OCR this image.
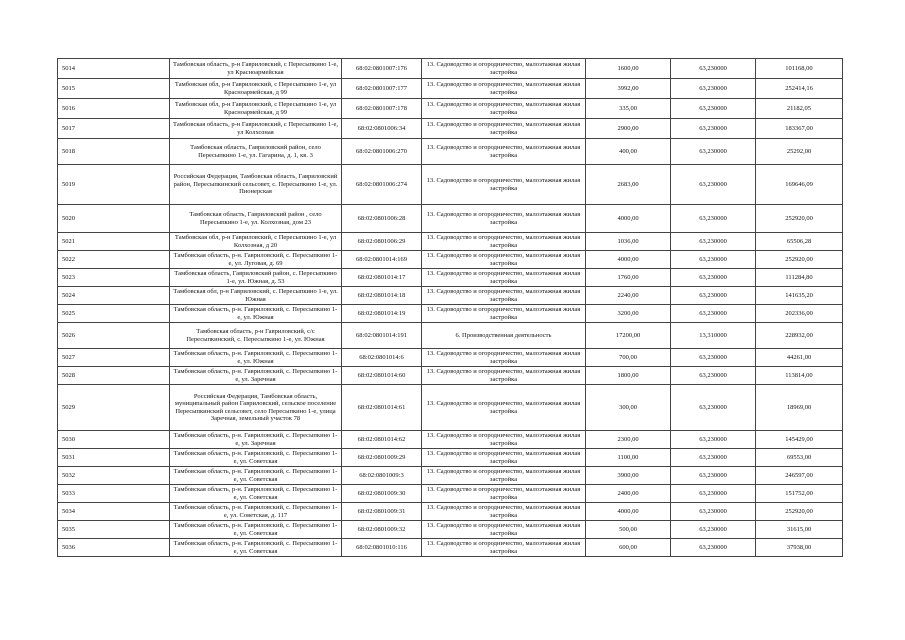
5014	Тамбовская область, р-н Гавриловский, с Пересыпкино 1-е, ул Красноармейская	68:02:0801007:176	13. Садоводство и огородничество, малоэтажная жилая застройка	1600,00	63,230000	101168,00
5015	Тамбовская обл, р-н Гавриловский, с Пересыпкино 1-е, ул Красноармейская, д 99	68:02:0801007:177	13. Садоводство и огородничество, малоэтажная жилая застройка	3992,00	63,230000	252414,16
5016	Тамбовская обл, р-н Гавриловский, с Пересыпкино 1-е, ул Красноармейская, д 99	68:02:0801007:178	13. Садоводство и огородничество, малоэтажная жилая застройка	335,00	63,230000	21182,05
5017	Тамбовская область, р-н Гавриловский, с Пересыпкино 1-е, ул Колхозная	68:02:0801006:34	13. Садоводство и огородничество, малоэтажная жилая застройка	2900,00	63,230000	183367,00
5018	Тамбовская область, Гавриловский район, село Пересыпкино 1-е, ул. Гагарина, д. 1, кв. 3	68:02:0801006:270	13. Садоводство и огородничество, малоэтажная жилая застройка	400,00	63,230000	25292,00
5019	Российская Федерация, Тамбовская область, Гавриловский район, Пересыпкинский сельсовет, с. Пересыпкино 1-е, ул. Пионерская	68:02:0801006:274	13. Садоводство и огородничество, малоэтажная жилая застройка	2683,00	63,230000	169646,09
5020	Тамбовская область, Гавриловский район , село Пересыпкино 1-е, ул. Колхозная, дом 23	68:02:0801006:28	13. Садоводство и огородничество, малоэтажная жилая застройка	4000,00	63,230000	252920,00
5021	Тамбовская обл, р-н Гавриловский, с Пересыпкино 1-е, ул Колхозная, д 20	68:02:0801006:29	13. Садоводство и огородничество, малоэтажная жилая застройка	1036,00	63,230000	65506,28
5022	Тамбовская область, р-н. Гавриловский, с. Пересыпкино 1-е, ул. Луговая, д. 69	68:02:0801014:169	13. Садоводство и огородничество, малоэтажная жилая застройка	4000,00	63,230000	252920,00
5023	Тамбовская область, Гавриловский район, с. Пересыпкино 1-е, ул. Южная, д. 53	68:02:0801014:17	13. Садоводство и огородничество, малоэтажная жилая застройка	1760,00	63,230000	111284,80
5024	Тамбовская обл, р-н Гавриловский, с. Пересыпкино 1-е, ул. Южная	68:02:0801014:18	13. Садоводство и огородничество, малоэтажная жилая застройка	2240,00	63,230000	141635,20
5025	Тамбовская область, р-н. Гавриловский, с. Пересыпкино 1-е, ул. Южная	68:02:0801014:19	13. Садоводство и огородничество, малоэтажная жилая застройка	3200,00	63,230000	202336,00
5026	Тамбовская область, р-н Гавриловский, с/с Пересыпкинский, с. Пересыпкино 1-е, ул. Южная	68:02:0801014:191	6. Производственная деятельность	17200,00	13,310000	228932,00
5027	Тамбовская область, р-н. Гавриловский, с. Пересыпкино 1-е, ул. Южная	68:02:0801014:6	13. Садоводство и огородничество, малоэтажная жилая застройка	700,00	63,230000	44261,00
5028	Тамбовская область, р-н. Гавриловский, с. Пересыпкино 1-е, ул. Заречная	68:02:0801014:60	13. Садоводство и огородничество, малоэтажная жилая застройка	1800,00	63,230000	113814,00
5029	Российская Федерация, Тамбовская область, муниципальный район Гавриловский, сельское поселение Пересыпкинский сельсовет, село Пересыпкино 1-е, улица Заречная, земельный участок 78	68:02:0801014:61	13. Садоводство и огородничество, малоэтажная жилая застройка	300,00	63,230000	18969,00
5030	Тамбовская область, р-н. Гавриловский, с. Пересыпкино 1-е, ул. Заречная	68:02:0801014:62	13. Садоводство и огородничество, малоэтажная жилая застройка	2300,00	63,230000	145429,00
5031	Тамбовская область, р-н. Гавриловский, с. Пересыпкино 1-е, ул. Советская	68:02:0801009:29	13. Садоводство и огородничество, малоэтажная жилая застройка	1100,00	63,230000	69553,00
5032	Тамбовская область, р-н. Гавриловский, с. Пересыпкино 1-е, ул. Советская	68:02:0801009:3	13. Садоводство и огородничество, малоэтажная жилая застройка	3900,00	63,230000	246597,00
5033	Тамбовская область, р-н. Гавриловский, с. Пересыпкино 1-е, ул. Советская	68:02:0801009:30	13. Садоводство и огородничество, малоэтажная жилая застройка	2400,00	63,230000	151752,00
5034	Тамбовская область, р-н. Гавриловский, с. Пересыпкино 1-е, ул. Советская, д. 117	68:02:0801009:31	13. Садоводство и огородничество, малоэтажная жилая застройка	4000,00	63,230000	252920,00
5035	Тамбовская область, р-н. Гавриловский, с. Пересыпкино 1-е, ул. Советская	68:02:0801009:32	13. Садоводство и огородничество, малоэтажная жилая застройка	500,00	63,230000	31615,00
5036	Тамбовская область, р-н. Гавриловский, с. Пересыпкино 1-е, ул. Советская	68:02:0801010:116	13. Садоводство и огородничество, малоэтажная жилая застройка	600,00	63,230000	37938,00
